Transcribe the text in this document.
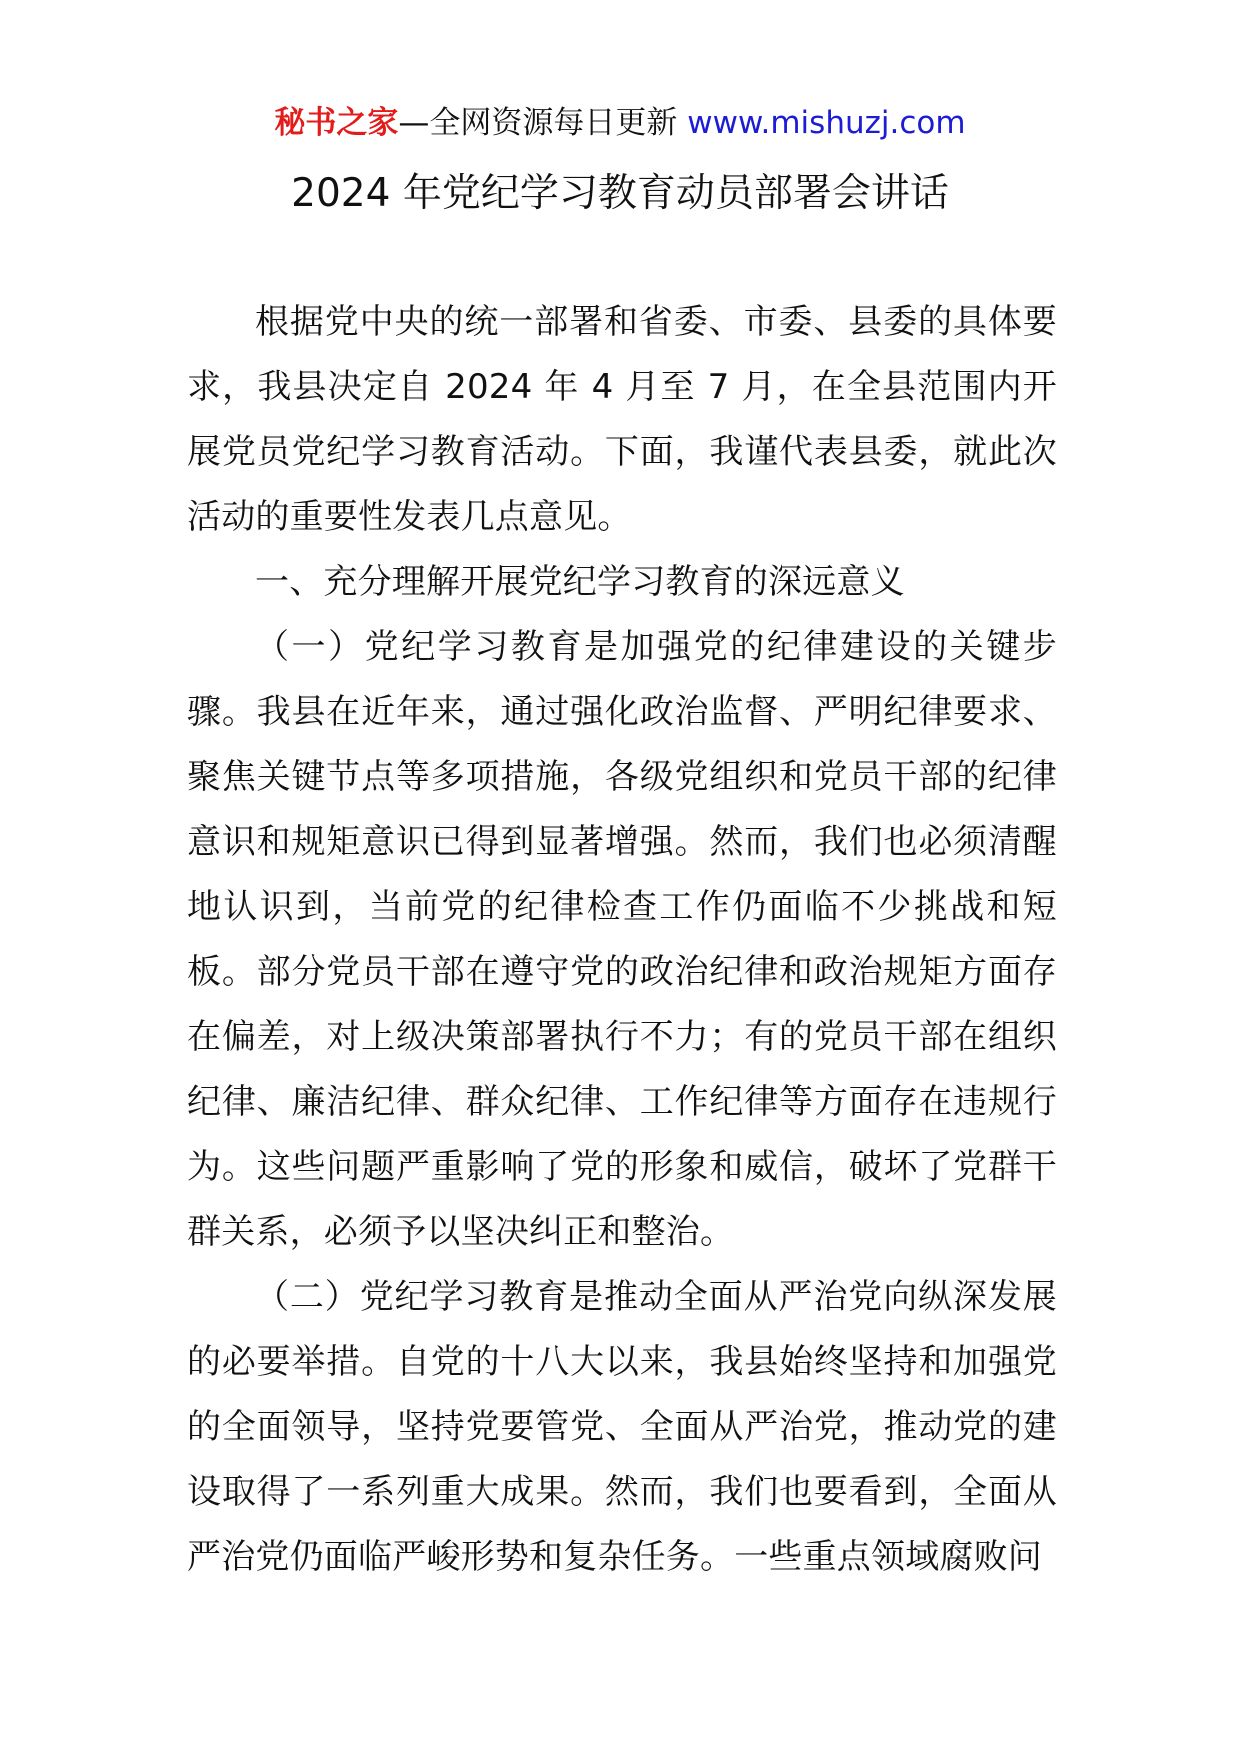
秘书之家—全网资源每日更新 www.mishuzj.com
2024 年党纪学习教育动员部署会讲话

根据党中央的统一部署和省委、市委、县委的具体要求，我县决定自 2024 年 4 月至 7 月，在全县范围内开展党员党纪学习教育活动。下面，我谨代表县委，就此次活动的重要性发表几点意见。

一、充分理解开展党纪学习教育的深远意义

（一）党纪学习教育是加强党的纪律建设的关键步骤。我县在近年来，通过强化政治监督、严明纪律要求、聚焦关键节点等多项措施，各级党组织和党员干部的纪律意识和规矩意识已得到显著增强。然而，我们也必须清醒地认识到，当前党的纪律检查工作仍面临不少挑战和短板。部分党员干部在遵守党的政治纪律和政治规矩方面存在偏差，对上级决策部署执行不力；有的党员干部在组织纪律、廉洁纪律、群众纪律、工作纪律等方面存在违规行为。这些问题严重影响了党的形象和威信，破坏了党群干群关系，必须予以坚决纠正和整治。

（二）党纪学习教育是推动全面从严治党向纵深发展的必要举措。自党的十八大以来，我县始终坚持和加强党的全面领导，坚持党要管党、全面从严治党，推动党的建设取得了一系列重大成果。然而，我们也要看到，全面从严治党仍面临严峻形势和复杂任务。一些重点领域腐败问
